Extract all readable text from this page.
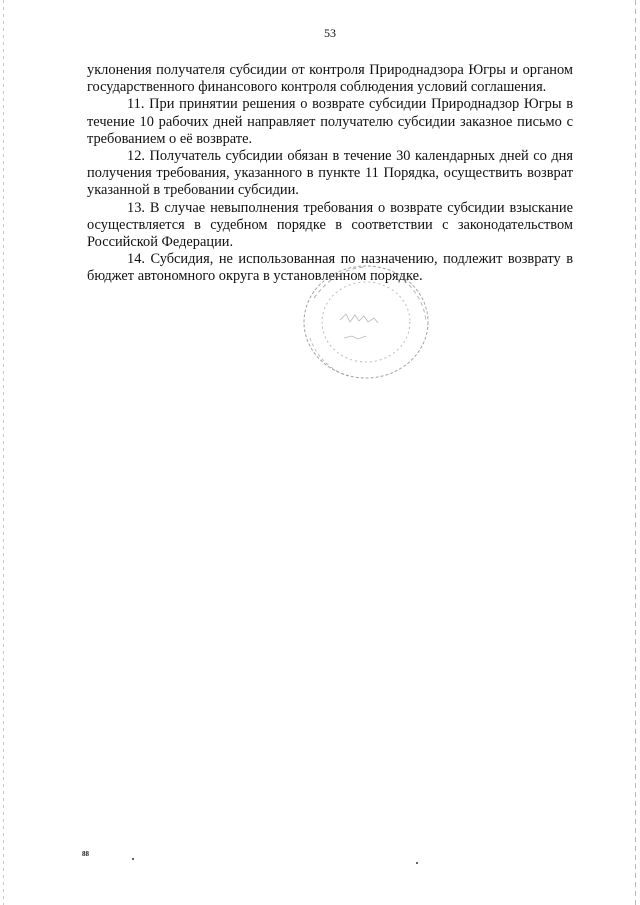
53

уклонения получателя субсидии от контроля Природнадзора Югры и органом государственного финансового контроля соблюдения условий соглашения.

11. При принятии решения о возврате субсидии Природнадзор Югры в течение 10 рабочих дней направляет получателю субсидии заказное письмо с требованием о её возврате.

12. Получатель субсидии обязан в течение 30 календарных дней со дня получения требования, указанного в пункте 11 Порядка, осуществить возврат указанной в требовании субсидии.

13. В случае невыполнения требования о возврате субсидии взыскание осуществляется в судебном порядке в соответствии с законодательством Российской Федерации.

14. Субсидия, не использованная по назначению, подлежит возврату в бюджет автономного округа в установленном порядке.

88
